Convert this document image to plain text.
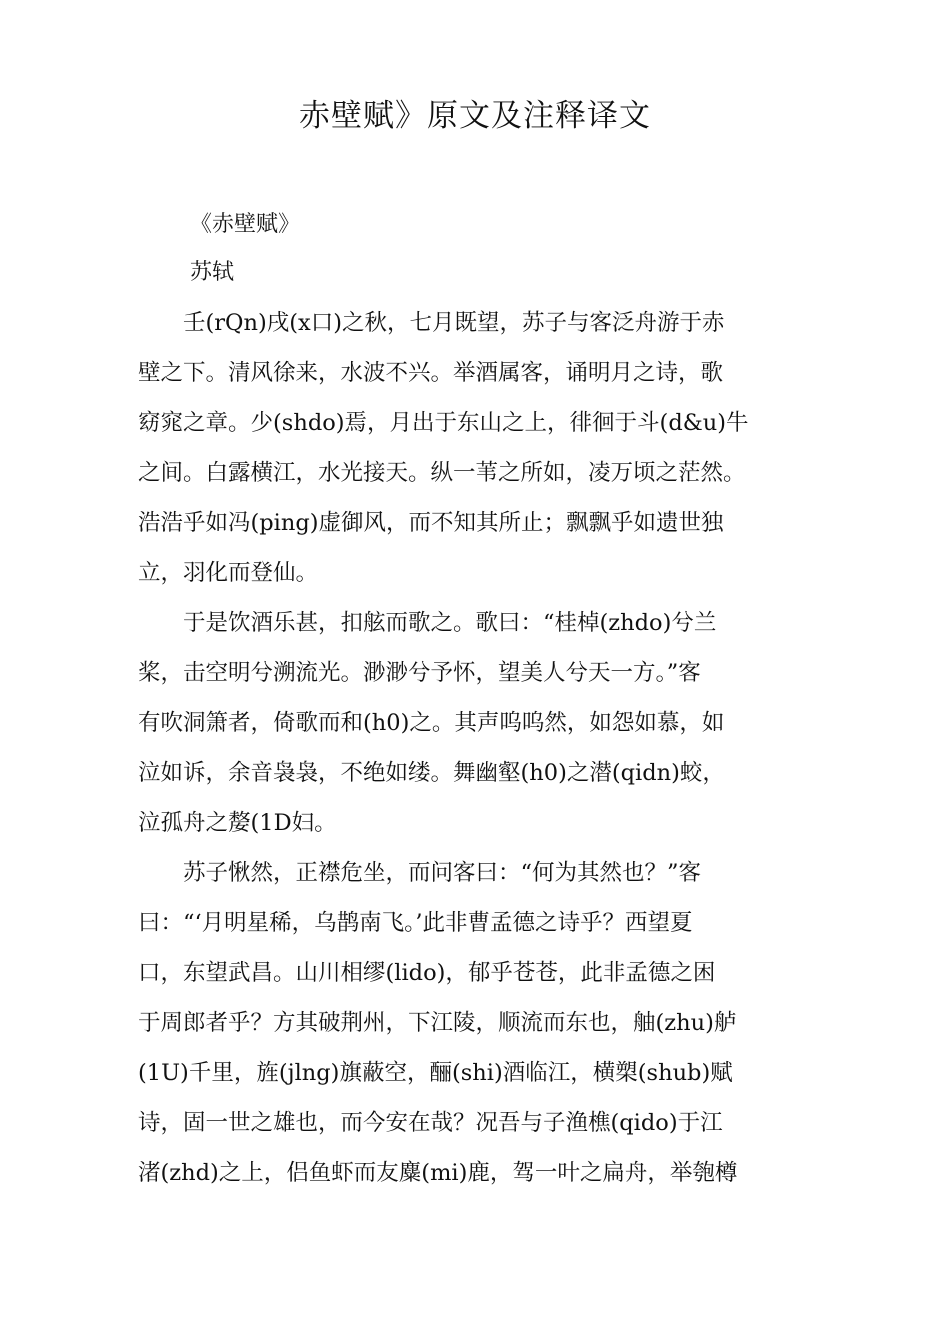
赤壁赋》原文及注释译文

《赤壁赋》

苏轼

　　壬(rQn)戌(x口)之秋，七月既望，苏子与客泛舟游于赤
壁之下。清风徐来，水波不兴。举酒属客，诵明月之诗，歌
窈窕之章。少(shdo)焉，月出于东山之上，徘徊于斗(d&u)牛
之间。白露横江，水光接天。纵一苇之所如，凌万顷之茫然。
浩浩乎如冯(ping)虚御风，而不知其所止；飘飘乎如遗世独
立，羽化而登仙。
　　于是饮酒乐甚，扣舷而歌之。歌曰：“桂棹(zhdo)兮兰
桨，击空明兮溯流光。渺渺兮予怀，望美人兮天一方。”客
有吹洞箫者，倚歌而和(h0)之。其声呜呜然，如怨如慕，如
泣如诉，余音袅袅，不绝如缕。舞幽壑(h0)之潜(qidn)蛟，
泣孤舟之嫠(1D妇。
　　苏子愀然，正襟危坐，而问客曰：“何为其然也？”客
曰：“‘月明星稀，乌鹊南飞。’此非曹孟德之诗乎？西望夏
口，东望武昌。山川相缪(lido)，郁乎苍苍，此非孟德之困
于周郎者乎？方其破荆州，下江陵，顺流而东也，舳(zhu)舻
(1U)千里，旌(jlng)旗蔽空，酾(shi)酒临江，横槊(shub)赋
诗，固一世之雄也，而今安在哉？况吾与子渔樵(qido)于江
渚(zhd)之上，侣鱼虾而友麋(mi)鹿，驾一叶之扁舟，举匏樽
